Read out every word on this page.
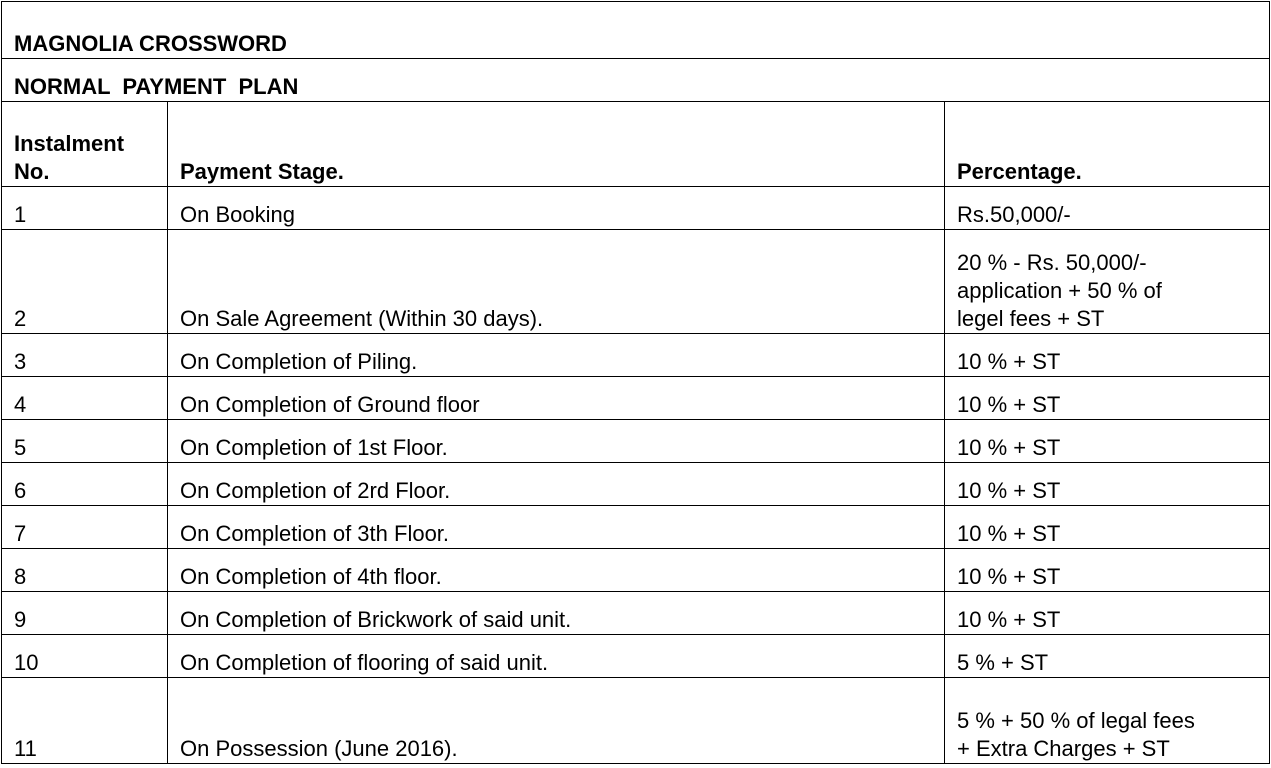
MAGNOLIA CROSSWORD		
NORMAL  PAYMENT  PLAN		

Instalment
No.	Payment Stage.	Percentage.
1	On Booking	Rs.50,000/-

2	On Sale Agreement (Within 30 days).	20 % - Rs. 50,000/-
application + 50 % of
legel fees + ST

3	On Completion of Piling.	10 % + ST

4	On Completion of Ground floor	10 % + ST

5	On Completion of 1st Floor.	10 % + ST

6	On Completion of 2rd Floor.	10 % + ST

7	On Completion of 3th Floor.	10 % + ST

8	On Completion of 4th floor.	10 % + ST

9	On Completion of Brickwork of said unit.	10 % + ST

10	On Completion of flooring of said unit.	5 % + ST

11	On Possession (June 2016).	5 % + 50 % of legal fees
+ Extra Charges + ST
